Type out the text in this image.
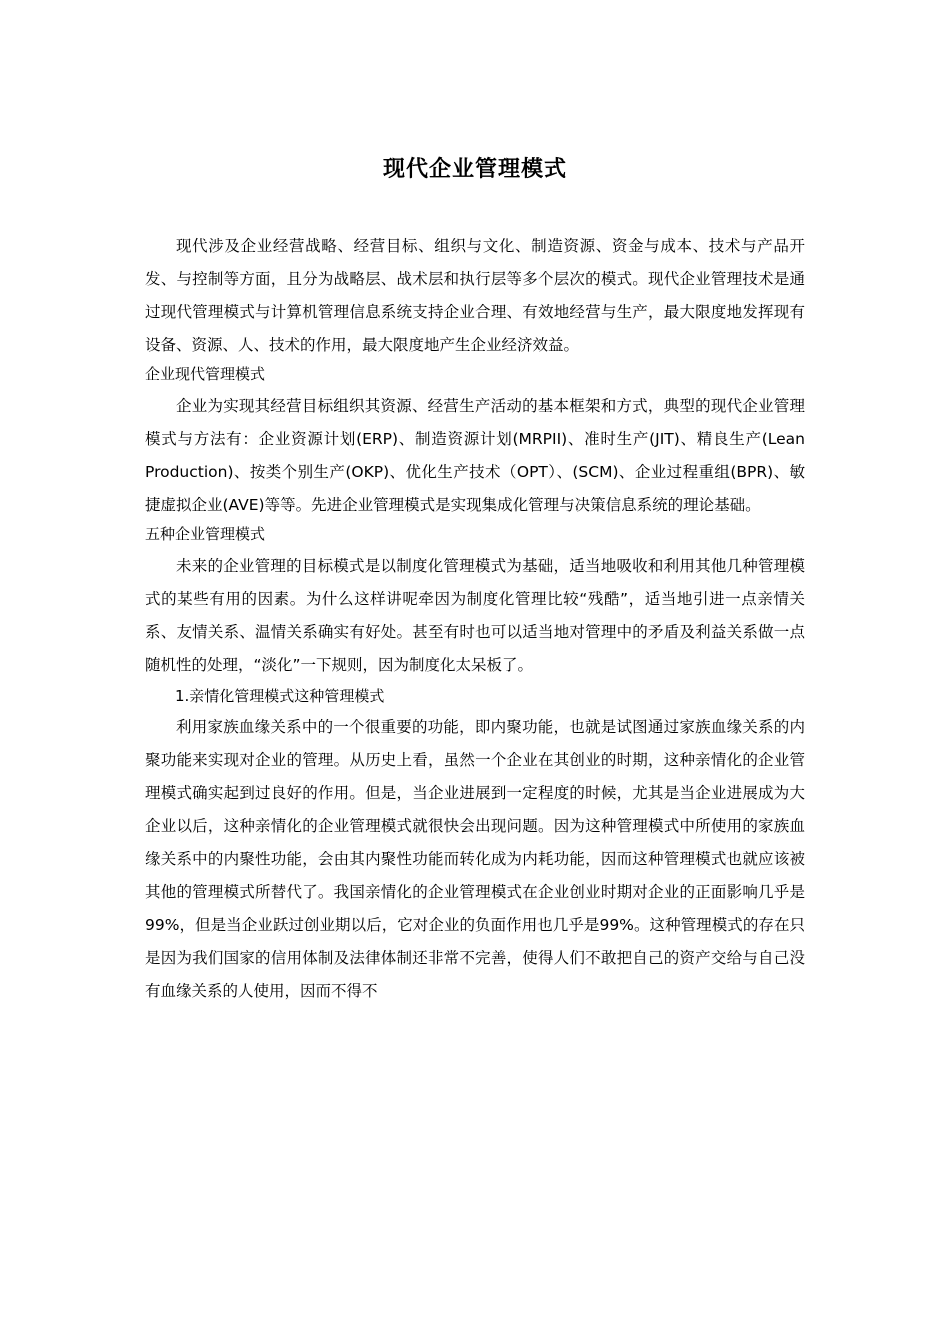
现代企业管理模式

现代涉及企业经营战略、经营目标、组织与文化、制造资源、资金与成本、技术与产品开发、与控制等方面，且分为战略层、战术层和执行层等多个层次的模式。现代企业管理技术是通过现代管理模式与计算机管理信息系统支持企业合理、有效地经营与生产，最大限度地发挥现有设备、资源、人、技术的作用，最大限度地产生企业经济效益。

企业现代管理模式

企业为实现其经营目标组织其资源、经营生产活动的基本框架和方式，典型的现代企业管理模式与方法有：企业资源计划(ERP)、制造资源计划(MRPII)、准时生产(JIT)、精良生产(Lean Production)、按类个别生产(OKP)、优化生产技术（OPT）、(SCM)、企业过程重组(BPR)、敏捷虚拟企业(AVE)等等。先进企业管理模式是实现集成化管理与决策信息系统的理论基础。

五种企业管理模式

未来的企业管理的目标模式是以制度化管理模式为基础，适当地吸收和利用其他几种管理模式的某些有用的因素。为什么这样讲呢牵因为制度化管理比较“残酷”，适当地引进一点亲情关系、友情关系、温情关系确实有好处。甚至有时也可以适当地对管理中的矛盾及利益关系做一点随机性的处理，“淡化”一下规则，因为制度化太呆板了。

1.亲情化管理模式这种管理模式

利用家族血缘关系中的一个很重要的功能，即内聚功能，也就是试图通过家族血缘关系的内聚功能来实现对企业的管理。从历史上看，虽然一个企业在其创业的时期，这种亲情化的企业管理模式确实起到过良好的作用。但是，当企业进展到一定程度的时候，尤其是当企业进展成为大企业以后，这种亲情化的企业管理模式就很快会出现问题。因为这种管理模式中所使用的家族血缘关系中的内聚性功能，会由其内聚性功能而转化成为内耗功能，因而这种管理模式也就应该被其他的管理模式所替代了。我国亲情化的企业管理模式在企业创业时期对企业的正面影响几乎是99%，但是当企业跃过创业期以后，它对企业的负面作用也几乎是99%。这种管理模式的存在只是因为我们国家的信用体制及法律体制还非常不完善，使得人们不敢把自己的资产交给与自己没有血缘关系的人使用，因而不得不
